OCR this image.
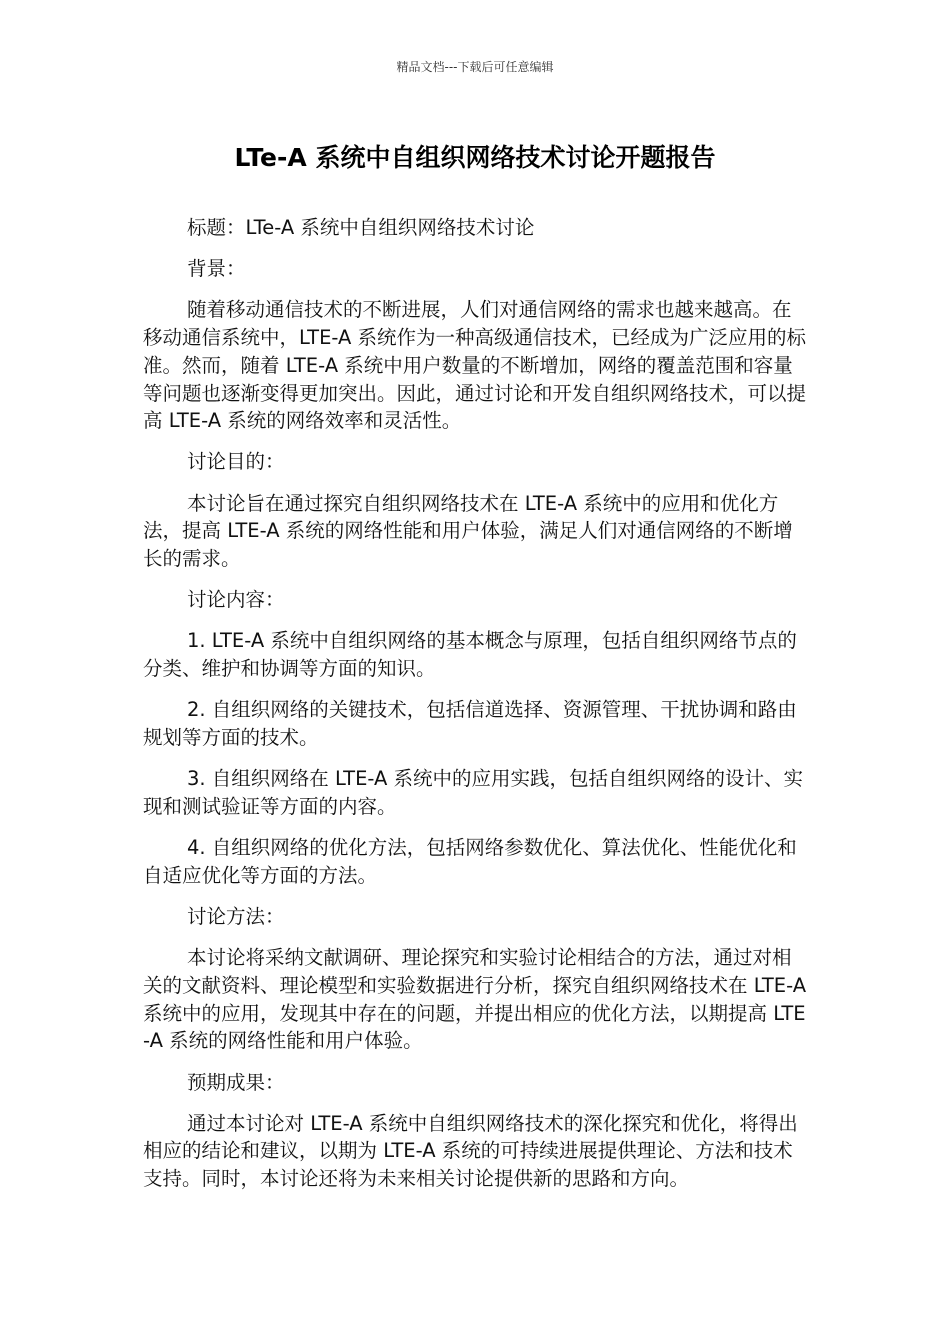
精品文档---下载后可任意编辑
LTe-A 系统中自组织网络技术讨论开题报告

标题：LTe-A 系统中自组织网络技术讨论

背景：

随着移动通信技术的不断进展，人们对通信网络的需求也越来越高。在移动通信系统中，LTE-A 系统作为一种高级通信技术，已经成为广泛应用的标准。然而，随着 LTE-A 系统中用户数量的不断增加，网络的覆盖范围和容量等问题也逐渐变得更加突出。因此，通过讨论和开发自组织网络技术，可以提高 LTE-A 系统的网络效率和灵活性。

讨论目的：

本讨论旨在通过探究自组织网络技术在 LTE-A 系统中的应用和优化方法，提高 LTE-A 系统的网络性能和用户体验，满足人们对通信网络的不断增长的需求。

讨论内容：

1. LTE-A 系统中自组织网络的基本概念与原理，包括自组织网络节点的分类、维护和协调等方面的知识。

2. 自组织网络的关键技术，包括信道选择、资源管理、干扰协调和路由规划等方面的技术。

3. 自组织网络在 LTE-A 系统中的应用实践，包括自组织网络的设计、实现和测试验证等方面的内容。

4. 自组织网络的优化方法，包括网络参数优化、算法优化、性能优化和自适应优化等方面的方法。

讨论方法：

本讨论将采纳文献调研、理论探究和实验讨论相结合的方法，通过对相关的文献资料、理论模型和实验数据进行分析，探究自组织网络技术在 LTE-A 系统中的应用，发现其中存在的问题，并提出相应的优化方法，以期提高 LTE-A 系统的网络性能和用户体验。

预期成果：

通过本讨论对 LTE-A 系统中自组织网络技术的深化探究和优化，将得出相应的结论和建议，以期为 LTE-A 系统的可持续进展提供理论、方法和技术支持。同时，本讨论还将为未来相关讨论提供新的思路和方向。
